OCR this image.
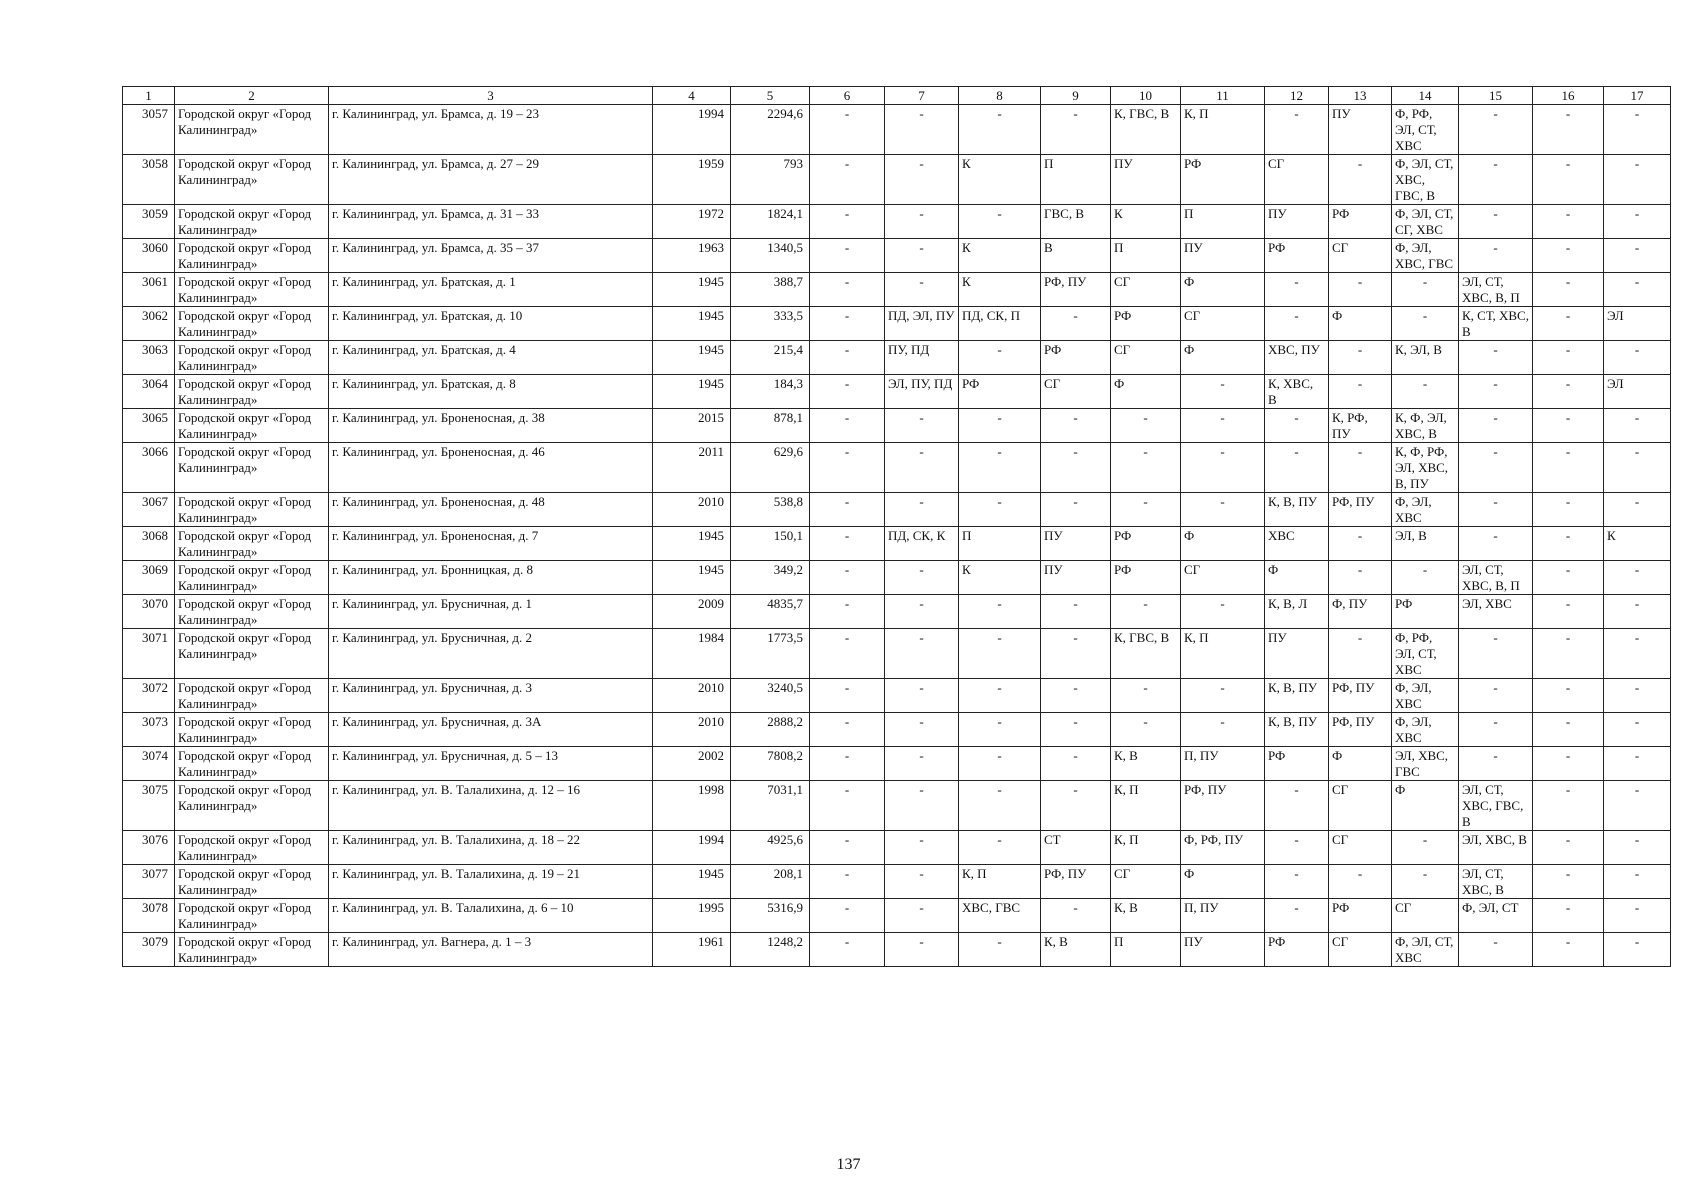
1	2	3	4	5	6	7	8	9	10	11	12	13	14	15	16	17
3057	Городской округ «Город Калининград»	г. Калининград, ул. Брамса, д. 19 – 23	1994	2294,6	-	-	-	-	К, ГВС, В	К, П	-	ПУ	Ф, РФ, ЭЛ, СТ, ХВС	-	-	-
3058	Городской округ «Город Калининград»	г. Калининград, ул. Брамса, д. 27 – 29	1959	793	-	-	К	П	ПУ	РФ	СГ	-	Ф, ЭЛ, СТ, ХВС, ГВС, В	-	-	-
3059	Городской округ «Город Калининград»	г. Калининград, ул. Брамса, д. 31 – 33	1972	1824,1	-	-	-	ГВС, В	К	П	ПУ	РФ	Ф, ЭЛ, СТ, СГ, ХВС	-	-	-
3060	Городской округ «Город Калининград»	г. Калининград, ул. Брамса, д. 35 – 37	1963	1340,5	-	-	К	В	П	ПУ	РФ	СГ	Ф, ЭЛ, ХВС, ГВС	-	-	-
3061	Городской округ «Город Калининград»	г. Калининград, ул. Братская, д. 1	1945	388,7	-	-	К	РФ, ПУ	СГ	Ф	-	-	-	ЭЛ, СТ, ХВС, В, П	-	-
3062	Городской округ «Город Калининград»	г. Калининград, ул. Братская, д. 10	1945	333,5	-	ПД, ЭЛ, ПУ	ПД, СК, П	-	РФ	СГ	-	Ф	-	К, СТ, ХВС, В	-	ЭЛ
3063	Городской округ «Город Калининград»	г. Калининград, ул. Братская, д. 4	1945	215,4	-	ПУ, ПД	-	РФ	СГ	Ф	ХВС, ПУ	-	К, ЭЛ, В	-	-	-
3064	Городской округ «Город Калининград»	г. Калининград, ул. Братская, д. 8	1945	184,3	-	ЭЛ, ПУ, ПД	РФ	СГ	Ф	-	К, ХВС, В	-	-	-	-	ЭЛ
3065	Городской округ «Город Калининград»	г. Калининград, ул. Броненосная, д. 38	2015	878,1	-	-	-	-	-	-	-	К, РФ, ПУ	К, Ф, ЭЛ, ХВС, В	-	-	-
3066	Городской округ «Город Калининград»	г. Калининград, ул. Броненосная, д. 46	2011	629,6	-	-	-	-	-	-	-	-	К, Ф, РФ, ЭЛ, ХВС, В, ПУ	-	-	-
3067	Городской округ «Город Калининград»	г. Калининград, ул. Броненосная, д. 48	2010	538,8	-	-	-	-	-	-	К, В, ПУ	РФ, ПУ	Ф, ЭЛ, ХВС	-	-	-
3068	Городской округ «Город Калининград»	г. Калининград, ул. Броненосная, д. 7	1945	150,1	-	ПД, СК, К	П	ПУ	РФ	Ф	ХВС	-	ЭЛ, В	-	-	К
3069	Городской округ «Город Калининград»	г. Калининград, ул. Бронницкая, д. 8	1945	349,2	-	-	К	ПУ	РФ	СГ	Ф	-	-	ЭЛ, СТ, ХВС, В, П	-	-
3070	Городской округ «Город Калининград»	г. Калининград, ул. Брусничная, д. 1	2009	4835,7	-	-	-	-	-	-	К, В, Л	Ф, ПУ	РФ	ЭЛ, ХВС	-	-
3071	Городской округ «Город Калининград»	г. Калининград, ул. Брусничная, д. 2	1984	1773,5	-	-	-	-	К, ГВС, В	К, П	ПУ	-	Ф, РФ, ЭЛ, СТ, ХВС	-	-	-
3072	Городской округ «Город Калининград»	г. Калининград, ул. Брусничная, д. 3	2010	3240,5	-	-	-	-	-	-	К, В, ПУ	РФ, ПУ	Ф, ЭЛ, ХВС	-	-	-
3073	Городской округ «Город Калининград»	г. Калининград, ул. Брусничная, д. 3А	2010	2888,2	-	-	-	-	-	-	К, В, ПУ	РФ, ПУ	Ф, ЭЛ, ХВС	-	-	-
3074	Городской округ «Город Калининград»	г. Калининград, ул. Брусничная, д. 5 – 13	2002	7808,2	-	-	-	-	К, В	П, ПУ	РФ	Ф	ЭЛ, ХВС, ГВС	-	-	-
3075	Городской округ «Город Калининград»	г. Калининград, ул. В. Талалихина, д. 12 – 16	1998	7031,1	-	-	-	-	К, П	РФ, ПУ	-	СГ	Ф	ЭЛ, СТ, ХВС, ГВС, В	-	-
3076	Городской округ «Город Калининград»	г. Калининград, ул. В. Талалихина, д. 18 – 22	1994	4925,6	-	-	-	СТ	К, П	Ф, РФ, ПУ	-	СГ	-	ЭЛ, ХВС, В	-	-
3077	Городской округ «Город Калининград»	г. Калининград, ул. В. Талалихина, д. 19 – 21	1945	208,1	-	-	К, П	РФ, ПУ	СГ	Ф	-	-	-	ЭЛ, СТ, ХВС, В	-	-
3078	Городской округ «Город Калининград»	г. Калининград, ул. В. Талалихина, д. 6 – 10	1995	5316,9	-	-	ХВС, ГВС	-	К, В	П, ПУ	-	РФ	СГ	Ф, ЭЛ, СТ	-	-
3079	Городской округ «Город Калининград»	г. Калининград, ул. Вагнера, д. 1 – 3	1961	1248,2	-	-	-	К, В	П	ПУ	РФ	СГ	Ф, ЭЛ, СТ, ХВС	-	-	-
137
